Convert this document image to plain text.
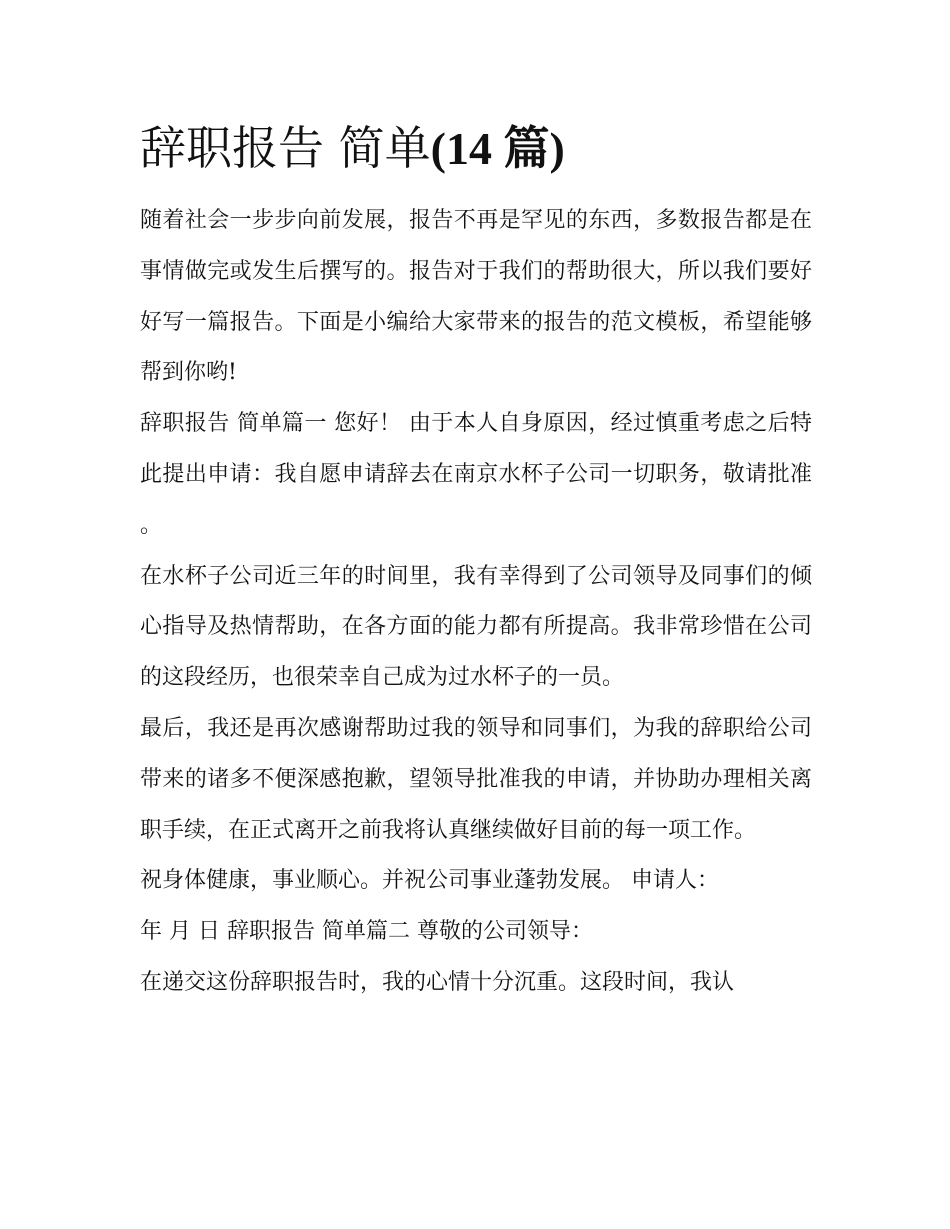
辞职报告 简单(14 篇)

随着社会一步步向前发展，报告不再是罕见的东西，多数报告都是在事情做完或发生后撰写的。报告对于我们的帮助很大，所以我们要好好写一篇报告。下面是小编给大家带来的报告的范文模板，希望能够帮到你哟!

辞职报告 简单篇一 您好！ 由于本人自身原因，经过慎重考虑之后特此提出申请：我自愿申请辞去在南京水杯子公司一切职务，敬请批准。

在水杯子公司近三年的时间里，我有幸得到了公司领导及同事们的倾心指导及热情帮助，在各方面的能力都有所提高。我非常珍惜在公司的这段经历，也很荣幸自己成为过水杯子的一员。

最后，我还是再次感谢帮助过我的领导和同事们，为我的辞职给公司带来的诸多不便深感抱歉，望领导批准我的申请，并协助办理相关离职手续，在正式离开之前我将认真继续做好目前的每一项工作。

祝身体健康，事业顺心。并祝公司事业蓬勃发展。 申请人：

年 月 日 辞职报告 简单篇二 尊敬的公司领导：

在递交这份辞职报告时，我的心情十分沉重。这段时间，我认
